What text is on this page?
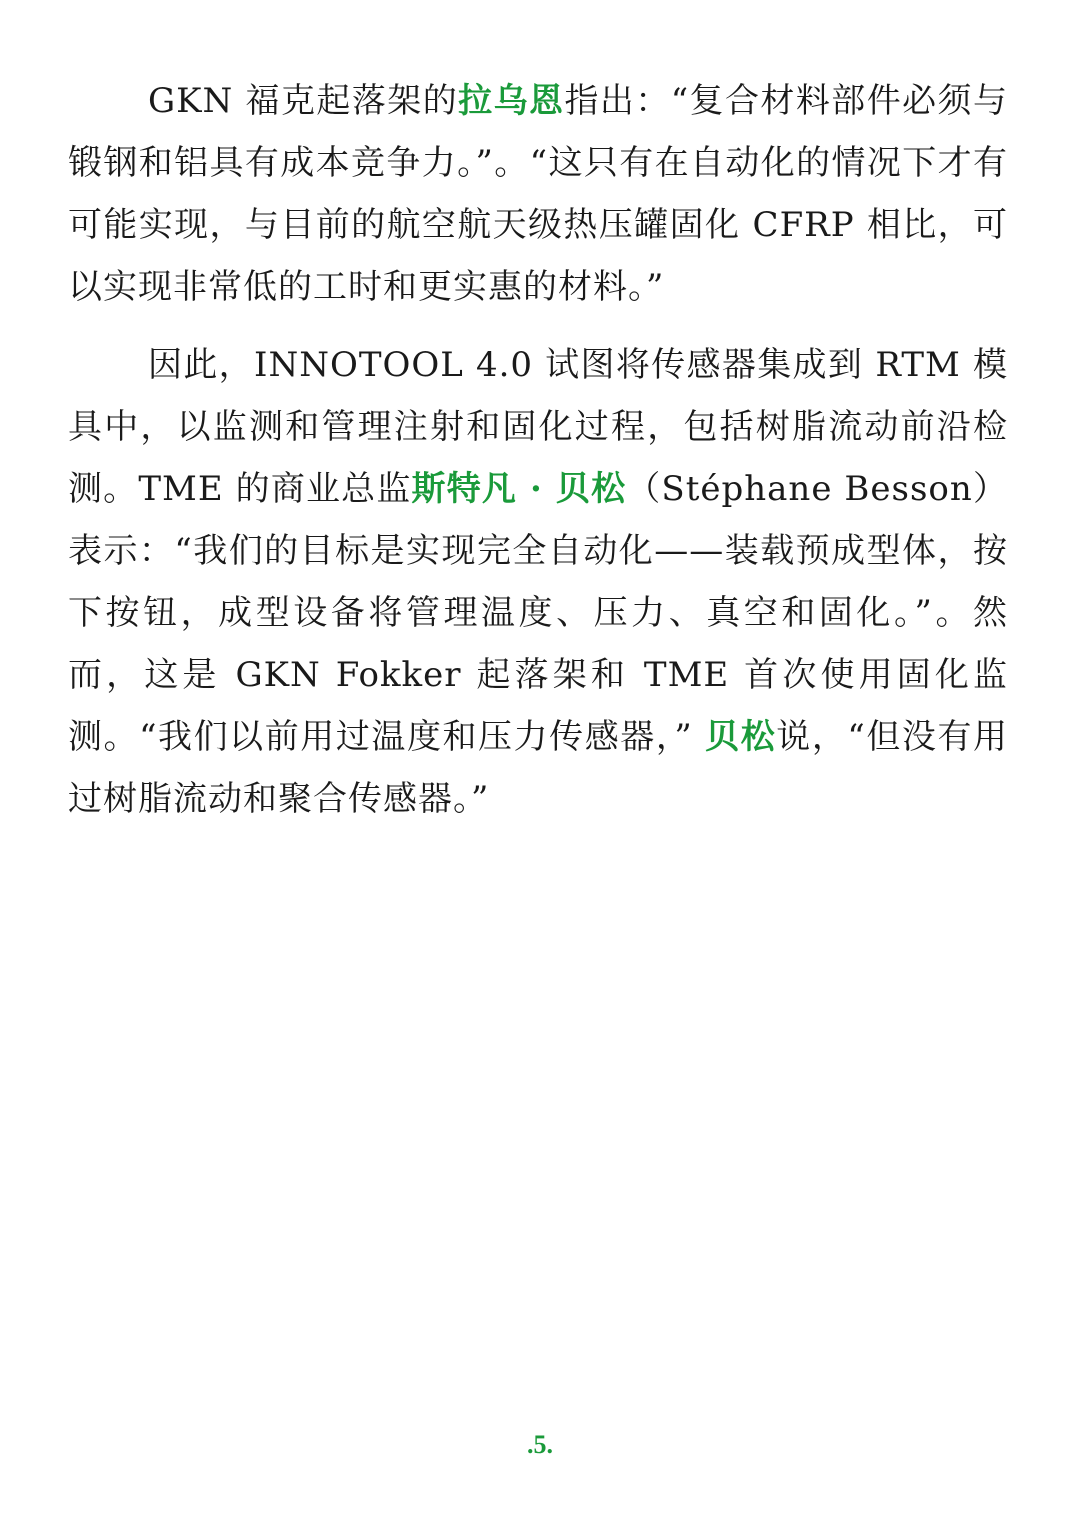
GKN 福克起落架的拉乌恩指出：“复合材料部件必须与锻钢和铝具有成本竞争力。”。“这只有在自动化的情况下才有可能实现，与目前的航空航天级热压罐固化 CFRP 相比，可以实现非常低的工时和更实惠的材料。”

因此，INNOTOOL 4.0 试图将传感器集成到 RTM 模具中，以监测和管理注射和固化过程，包括树脂流动前沿检测。TME 的商业总监斯特凡 · 贝松（Stéphane Besson）表示：“我们的目标是实现完全自动化——装载预成型体，按下按钮，成型设备将管理温度、压力、真空和固化。”。然而，这是 GKN Fokker 起落架和 TME 首次使用固化监测。“我们以前用过温度和压力传感器，” 贝松说，“但没有用过树脂流动和聚合传感器。”

.5.
